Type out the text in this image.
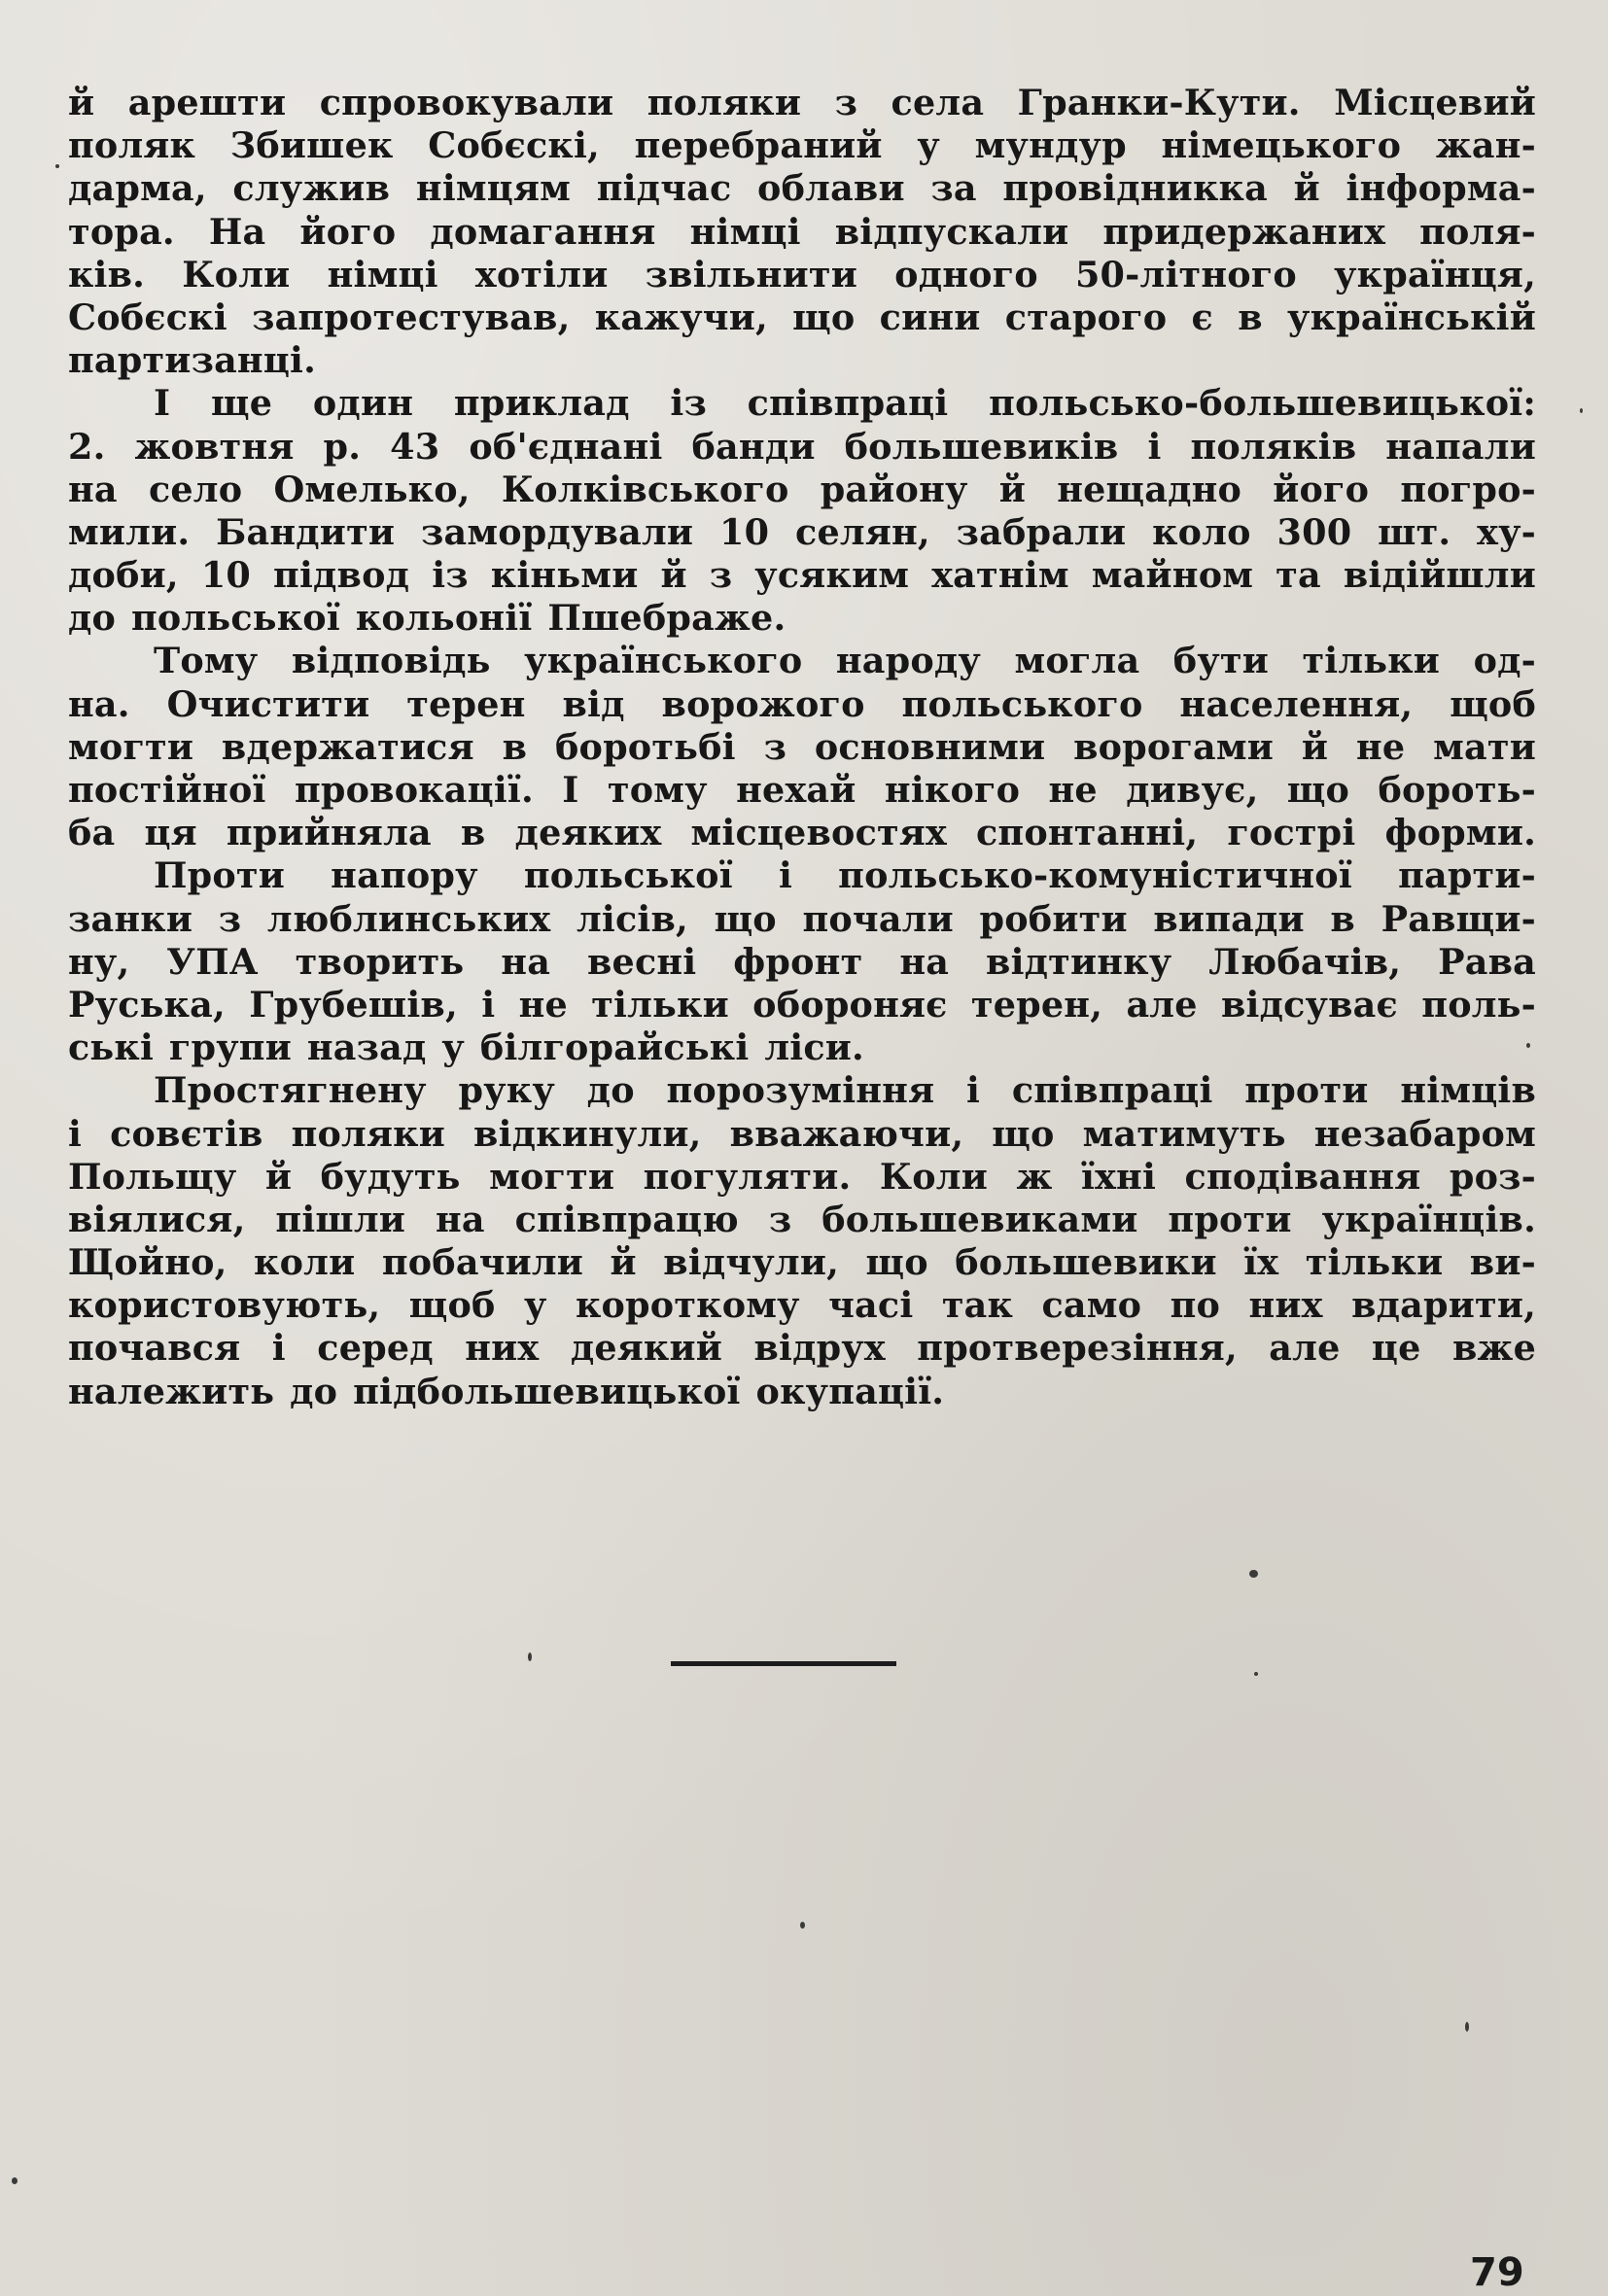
й арешти спровокували поляки з села Гранки-Кути. Місцевий
поляк Збишек Собєскі, перебраний у мундур німецького жан-
дарма, служив німцям підчас облави за провідникка й інформа-
тора. На його домагання німці відпускали придержаних поля-
ків. Коли німці хотіли звільнити одного 50-літного українця,
Собєскі запротестував, кажучи, що сини старого є в українській
партизанці.
І ще один приклад із співпраці польсько-большевицької:
2. жовтня р. 43 об'єднані банди большевиків і поляків напали
на село Омелько, Колківського району й нещадно його погро-
мили. Бандити замордували 10 селян, забрали коло 300 шт. ху-
доби, 10 підвод із кіньми й з усяким хатнім майном та відійшли
до польської кольонії Пшебраже.
Тому відповідь українського народу могла бути тільки од-
на. Очистити терен від ворожого польського населення, щоб
могти вдержатися в боротьбі з основними ворогами й не мати
постійної провокації. І тому нехай нікого не дивує, що бороть-
ба ця прийняла в деяких місцевостях спонтанні, гострі форми.
Проти напору польської і польсько-комуністичної парти-
занки з люблинських лісів, що почали робити випади в Равщи-
ну, УПА творить на весні фронт на відтинку Любачів, Рава
Руська, Грубешів, і не тільки обороняє терен, але відсуває поль-
ські групи назад у білгорайські ліси.
Простягнену руку до порозуміння і співпраці проти німців
і совєтів поляки відкинули, вважаючи, що матимуть незабаром
Польщу й будуть могти погуляти. Коли ж їхні сподівання роз-
віялися, пішли на співпрацю з большевиками проти українців.
Щойно, коли побачили й відчули, що большевики їх тільки ви-
користовують, щоб у короткому часі так само по них вдарити,
почався і серед них деякий відрух протверезіння, але це вже
належить до підбольшевицької окупації.
79
